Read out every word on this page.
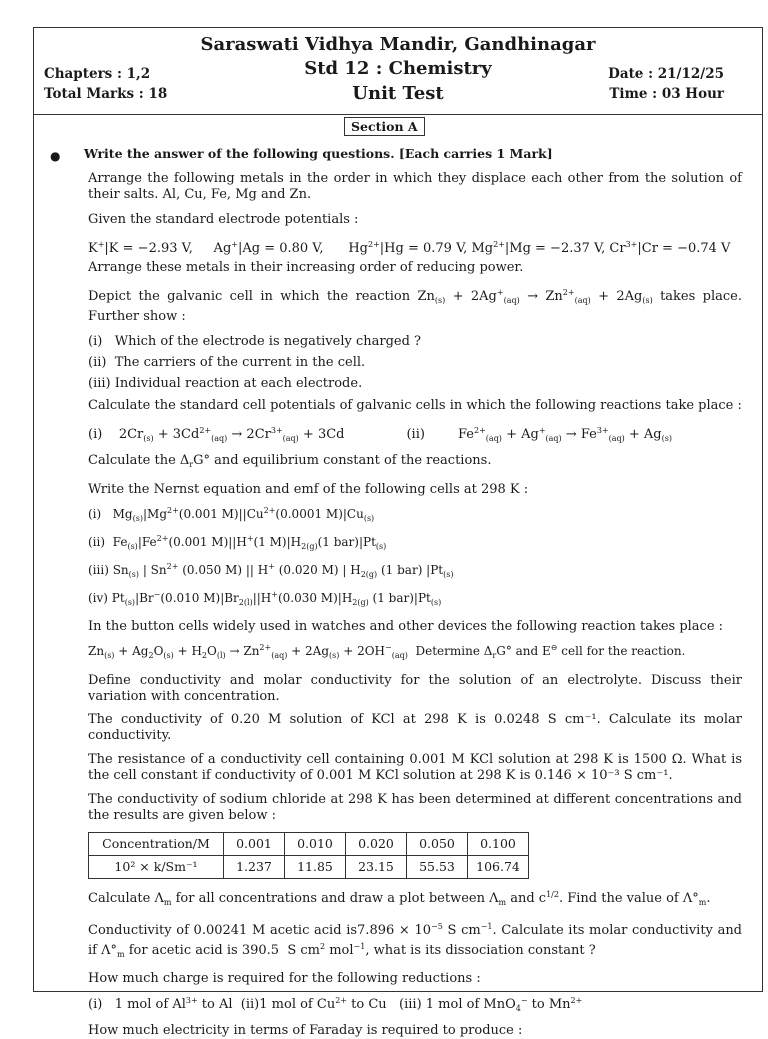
Saraswati Vidhya Mandir, Gandhinagar
Std 12 : Chemistry
Unit Test
Chapters : 1,2
Total Marks : 18
Date : 21/12/25
Time : 03 Hour
Section A
● Write the answer of the following questions. [Each carries 1 Mark]

Arrange the following metals in the order in which they displace each other from the solution of their salts. Al, Cu, Fe, Mg and Zn.

Given the standard electrode potentials :

K+|K = −2.93 V,     Ag+|Ag = 0.80 V,      $Hg^{2+}|Hg = 0.79$ V, $Mg^{2+}|Mg = -2.37$ V, $Cr^{3+}|Cr = -0.74$ V

Arrange these metals in their increasing order of reducing power.

Depict the galvanic cell in which the reaction $Zn_{(s)} + 2Ag^+_{(aq)} \to Zn^{2+}_{(aq)} + 2Ag_{(s)}$ takes place. Further show :

(i)   Which of the electrode is negatively charged ?

(ii)  The carriers of the current in the cell.

(iii) Individual reaction at each electrode.

Calculate the standard cell potentials of galvanic cells in which the following reactions take place :

(i)    $2Cr_{(s)} + 3Cd^{2+}_{(aq)} \to 2Cr^{3+}_{(aq)} + 3Cd$               (ii)        $Fe^{2+}_{(aq)} + Ag^+_{(aq)} \to Fe^{3+}_{(aq)} + Ag_{(s)}$

Calculate the $\Delta_rG^\circ$ and equilibrium constant of the reactions.

Write the Nernst equation and emf of the following cells at 298 K :

(i)   $Mg_{(s)}|Mg^{2+}(0.001$ $M)||Cu^{2+}(0.0001$ $M)|Cu_{(s)}$

(ii)  $Fe_{(s)}|Fe^{2+}(0.001$ M)||H+(1 $M)|H_{2(g)}(1$ $bar)|Pt_{(s)}$

(iii) $Sn_{(s)}$ | $Sn^{2+}$ (0.050 M) || H+ (0.020 M) | $H_{2(g)}$ (1 bar) $|Pt_{(s)}$

(iv) $Pt_{(s)}|Br^-(0.010$ $M)|Br_{2(l)}||H^+(0.030$ $M)|H_{2(g)}$ (1 $bar)|Pt_{(s)}$

In the button cells widely used in watches and other devices the following reaction takes place :

$Zn_{(s)} + Ag_2O_{(s)} + H_2O_{(l)} \to Zn^{2+}_{(aq)} + 2Ag_{(s)} + 2OH^-_{(aq)}$  Determine $\Delta_rG^\circ$ and E⊖ cell for the reaction.

Define conductivity and molar conductivity for the solution of an electrolyte. Discuss their variation with concentration.

The conductivity of 0.20 M solution of KCl at 298 K is 0.0248 S cm⁻¹. Calculate its molar conductivity.

The resistance of a conductivity cell containing 0.001 M KCl solution at 298 K is 1500 Ω. What is the cell constant if conductivity of 0.001 M KCl solution at 298 K is 0.146 × 10⁻³ S cm⁻¹.

The conductivity of sodium chloride at 298 K has been determined at different concentrations and the results are given below :

Concentration/M	0.001	0.010	0.020	0.050	0.100
10² × k/Sm⁻¹	1.237	11.85	23.15	55.53	106.74

Calculate $\Lambda_m$ for all concentrations and draw a plot between $\Lambda_m$ and $c^{1/2}$. Find the value of $\Lambda^\circ_m$.

Conductivity of 0.00241 M acetic acid $is7.896 \times 10^{-5}$ S $cm^{-1}$. Calculate its molar conductivity and if $\Lambda^\circ_m$ for acetic acid is 390.5  S $cm^2$ mol$^{-1}$, what is its dissociation constant ?

How much charge is required for the following reductions :

(i)   1 mol of $Al^{3+}$ to Al  (ii)1 mol of $Cu^{2+}$ to Cu   (iii) 1 mol of MnO$_4$− to $Mn^{2+}$

How much electricity in terms of Faraday is required to produce :
